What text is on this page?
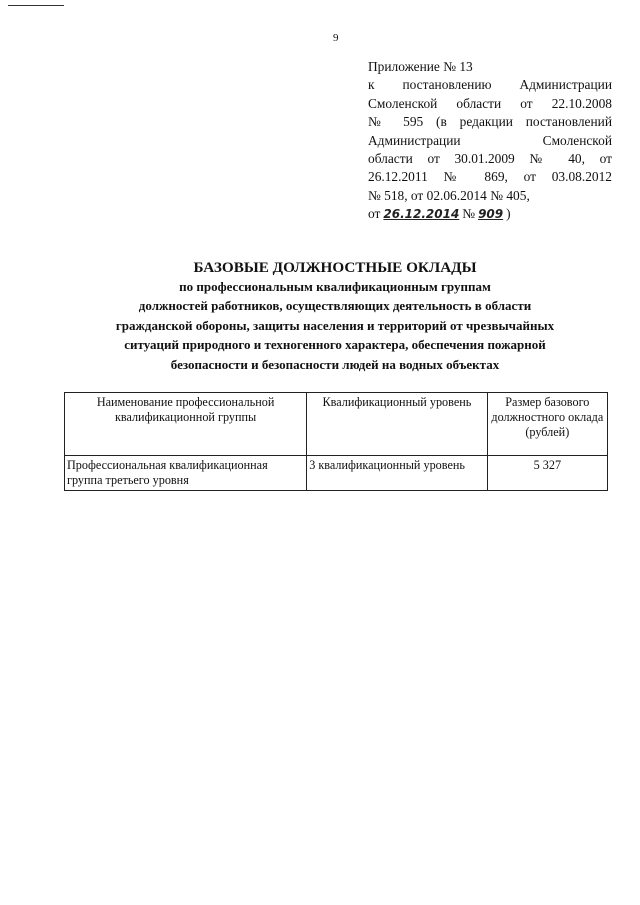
9
Приложение № 13
к постановлению Администрации
Смоленской области от 22.10.2008
№ 595 (в редакции постановлений
Администрации Смоленской
области от 30.01.2009 № 40, от
26.12.2011 № 869, от 03.08.2012
№ 518, от 02.06.2014 № 405,
от 26.12.2014 № 909 )
БАЗОВЫЕ ДОЛЖНОСТНЫЕ ОКЛАДЫ
по профессиональным квалификационным группам
должностей работников, осуществляющих деятельность в области
гражданской обороны, защиты населения и территорий от чрезвычайных
ситуаций природного и техногенного характера, обеспечения пожарной
безопасности и безопасности людей на водных объектах
Наименование профессиональной квалификационной группы	Квалификационный уровень	Размер базового должностного оклада (рублей)
Профессиональная квалификационная группа третьего уровня	3 квалификационный уровень	5 327
